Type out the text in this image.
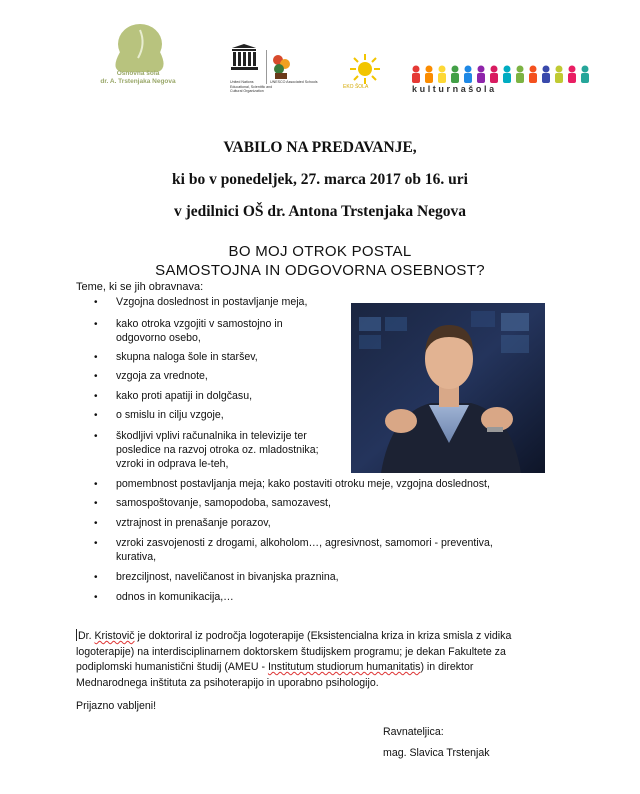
Osnovna šola
dr. A. Trstenjaka Negova	United Nations Educational, Scientific and Cultural Organization
UNESCO Associated Schools
EKO ŠOLA	kulturnašola
VABILO NA PREDAVANJE,
ki bo v ponedeljek, 27. marca 2017 ob 16. uri
v jedilnici OŠ dr. Antona Trstenjaka Negova
BO MOJ OTROK POSTAL
SAMOSTOJNA IN ODGOVORNA OSEBNOST?
Teme, ki se jih obravnava:
• Vzgojna doslednost in postavljanje meja,
• kako otroka vzgojiti v samostojno in
odgovorno osebo,
• skupna naloga šole in staršev,
• vzgoja za vrednote,
• kako proti apatiji in dolgčasu,
• o smislu in cilju vzgoje,
• škodljivi vplivi računalnika in televizije ter
posledice na razvoj otroka oz. mladostnika;
vzroki in odprava le-teh,
• pomembnost postavljanja meja; kako postaviti otroku meje, vzgojna doslednost,
• samospoštovanje, samopodoba, samozavest,
• vztrajnost in prenašanje porazov,
• vzroki zasvojenosti z drogami, alkoholom…, agresivnost, samomori - preventiva,
kurativa,
• brezciljnost, naveličanost in bivanjska praznina,
• odnos in komunikacija,…
Dr. Kristovič je doktoriral iz področja logoterapije (Eksistencialna kriza in kriza smisla z vidika
logoterapije) na interdisciplinarnem doktorskem študijskem programu; je dekan Fakultete za
podiplomski humanistični študij (AMEU - Institutum studiorum humanitatis) in direktor
Mednarodnega inštituta za psihoterapijo in uporabno psihologijo.
Prijazno vabljeni!
Ravnateljica:
mag. Slavica Trstenjak
